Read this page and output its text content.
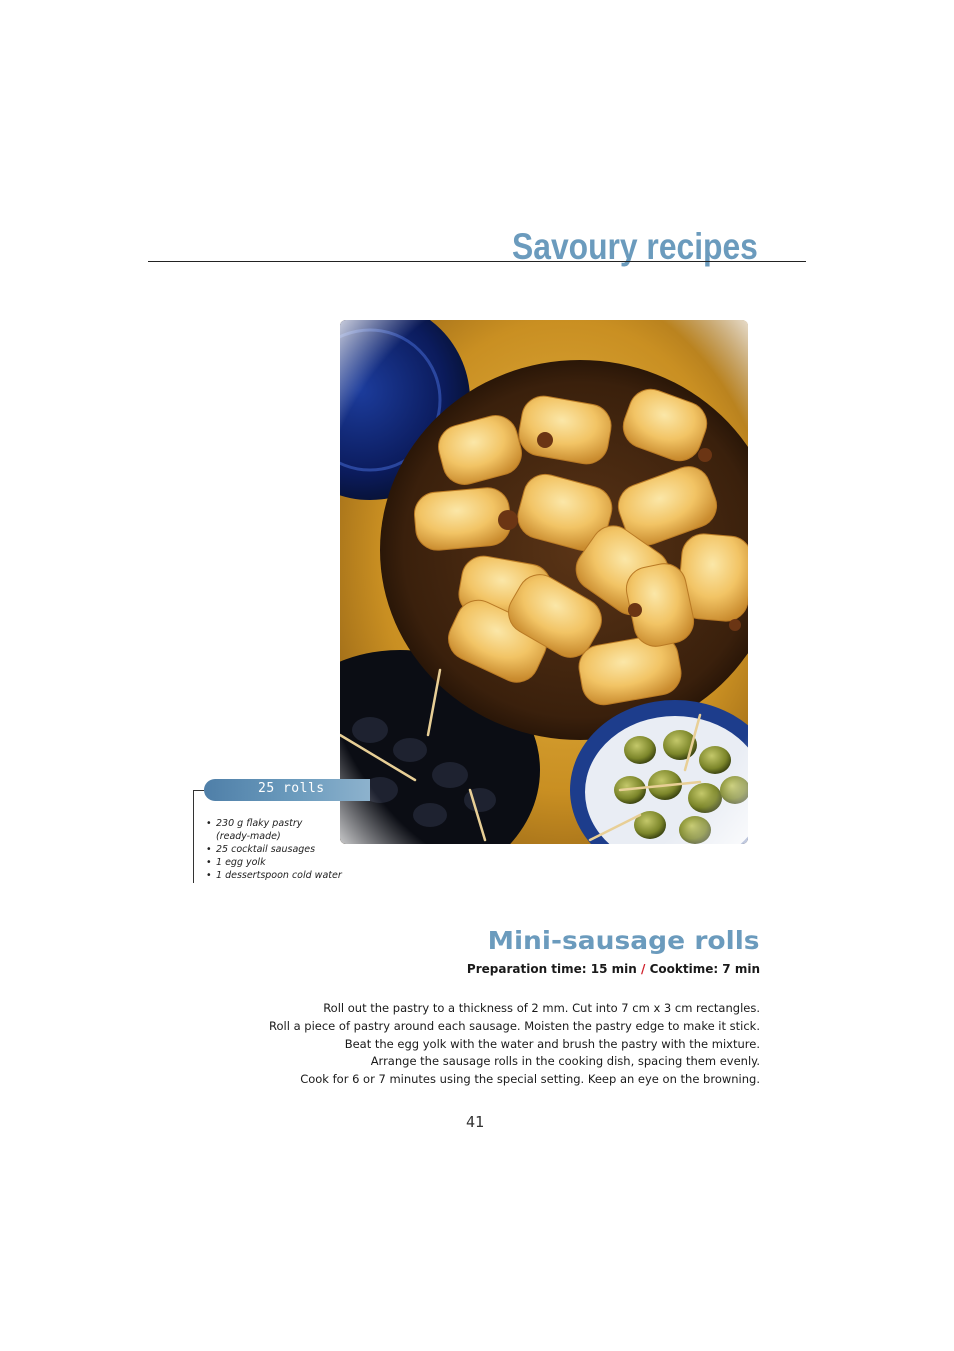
Savoury recipes
25 rolls
• 230 g flaky pastry
(ready-made)
• 25 cocktail sausages
• 1 egg yolk
• 1 dessertspoon cold water
Mini-sausage rolls

Preparation time: 15 min / Cooktime: 7 min

Roll out the pastry to a thickness of 2 mm. Cut into 7 cm x 3 cm rectangles.
Roll a piece of pastry around each sausage. Moisten the pastry edge to make it stick.
Beat the egg yolk with the water and brush the pastry with the mixture.
Arrange the sausage rolls in the cooking dish, spacing them evenly.
Cook for 6 or 7 minutes using the special setting. Keep an eye on the browning.
41
